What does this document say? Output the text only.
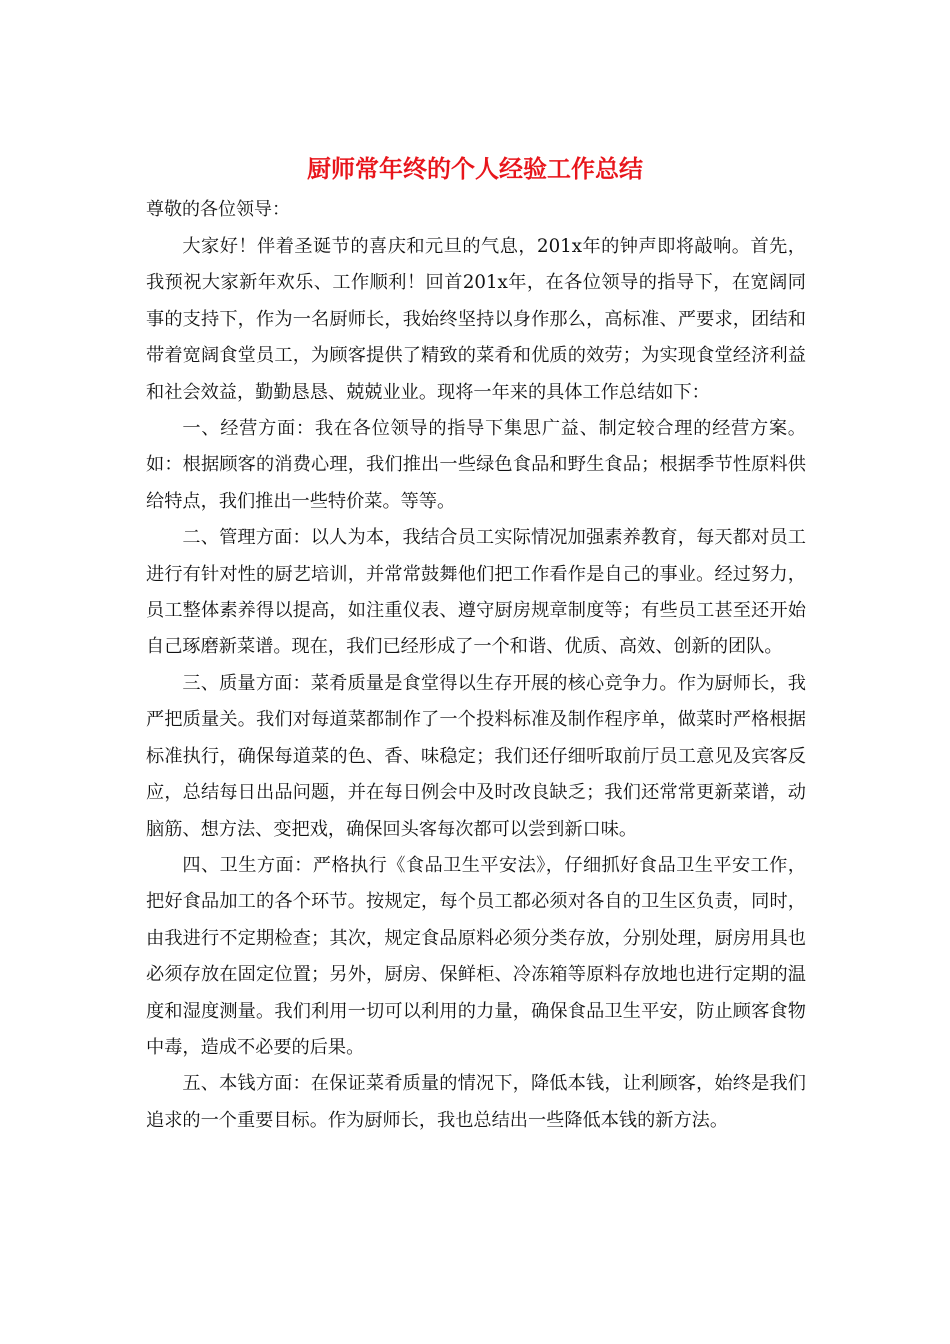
厨师常年终的个人经验工作总结

尊敬的各位领导：

大家好！伴着圣诞节的喜庆和元旦的气息，201x年的钟声即将敲响。首先，我预祝大家新年欢乐、工作顺利！回首201x年，在各位领导的指导下，在宽阔同事的支持下，作为一名厨师长，我始终坚持以身作那么，高标准、严要求，团结和带着宽阔食堂员工，为顾客提供了精致的菜肴和优质的效劳；为实现食堂经济利益和社会效益，勤勤恳恳、兢兢业业。现将一年来的具体工作总结如下：

一、经营方面：我在各位领导的指导下集思广益、制定较合理的经营方案。如：根据顾客的消费心理，我们推出一些绿色食品和野生食品；根据季节性原料供给特点，我们推出一些特价菜。等等。

二、管理方面：以人为本，我结合员工实际情况加强素养教育，每天都对员工进行有针对性的厨艺培训，并常常鼓舞他们把工作看作是自己的事业。经过努力，员工整体素养得以提高，如注重仪表、遵守厨房规章制度等；有些员工甚至还开始自己琢磨新菜谱。现在，我们已经形成了一个和谐、优质、高效、创新的团队。

三、质量方面：菜肴质量是食堂得以生存开展的核心竞争力。作为厨师长，我严把质量关。我们对每道菜都制作了一个投料标准及制作程序单，做菜时严格根据标准执行，确保每道菜的色、香、味稳定；我们还仔细听取前厅员工意见及宾客反应，总结每日出品问题，并在每日例会中及时改良缺乏；我们还常常更新菜谱，动脑筋、想方法、变把戏，确保回头客每次都可以尝到新口味。

四、卫生方面：严格执行《食品卫生平安法》，仔细抓好食品卫生平安工作，把好食品加工的各个环节。按规定，每个员工都必须对各自的卫生区负责，同时，由我进行不定期检查；其次，规定食品原料必须分类存放，分别处理，厨房用具也必须存放在固定位置；另外，厨房、保鲜柜、冷冻箱等原料存放地也进行定期的温度和湿度测量。我们利用一切可以利用的力量，确保食品卫生平安，防止顾客食物中毒，造成不必要的后果。

五、本钱方面：在保证菜肴质量的情况下，降低本钱，让利顾客，始终是我们追求的一个重要目标。作为厨师长，我也总结出一些降低本钱的新方法。
